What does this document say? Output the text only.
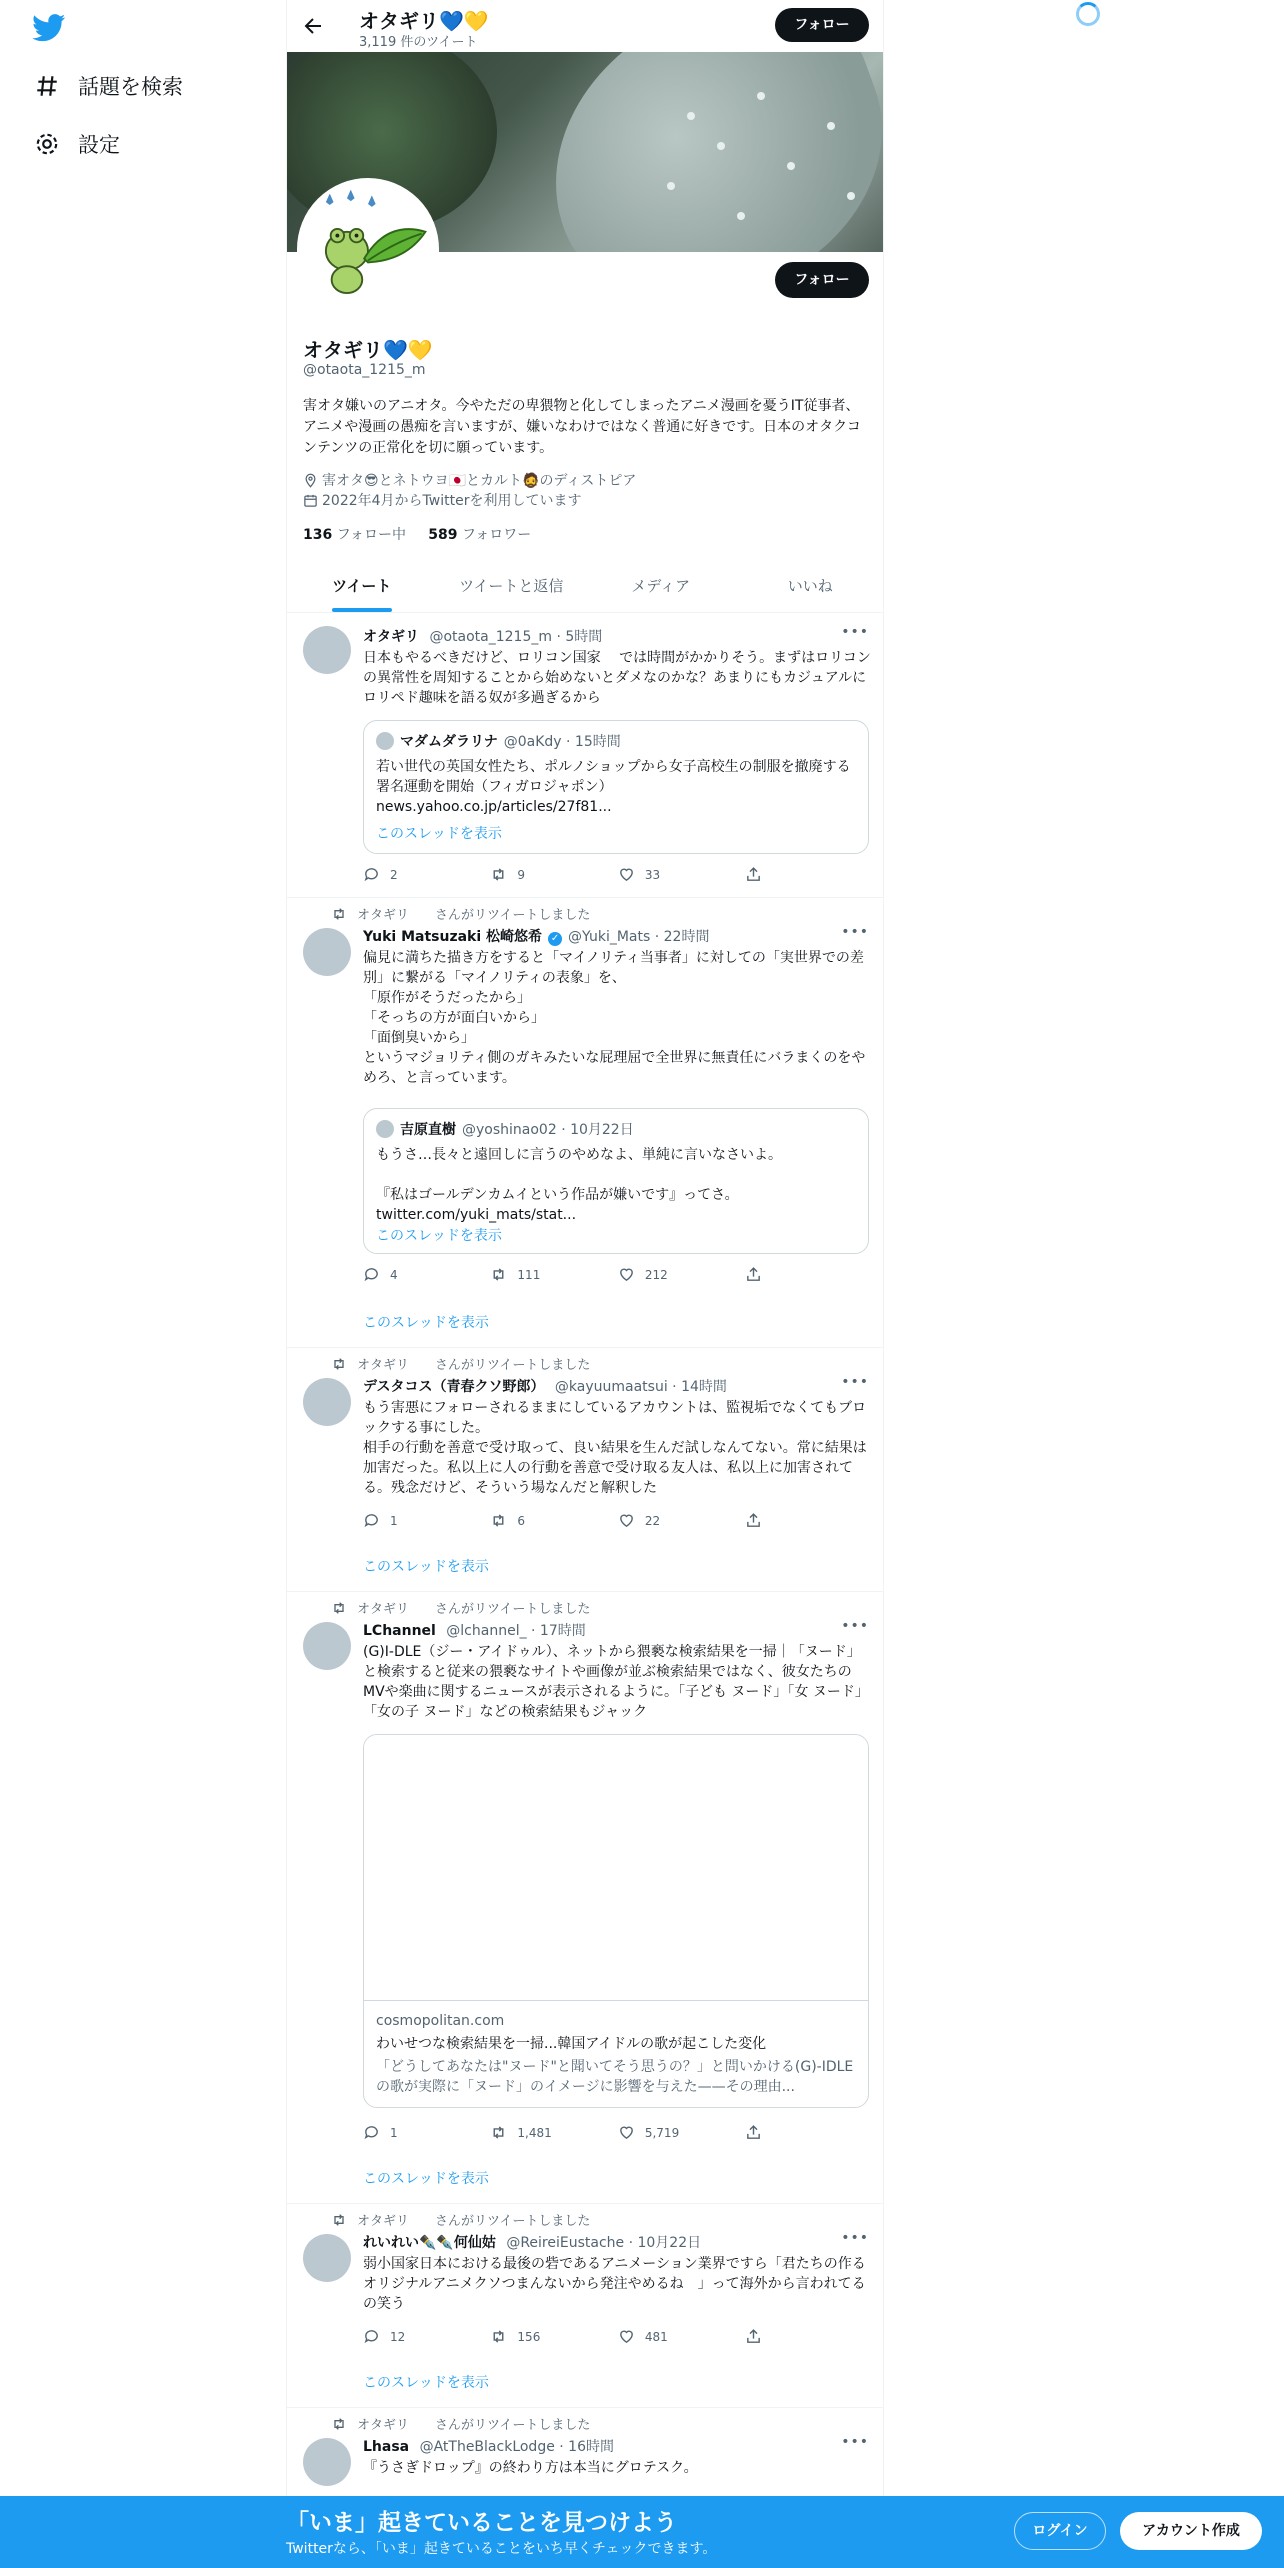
話題を検索
設定
オタギリ💙💛
3,119 件のツイート
フォロー
フォロー
オタギリ💙💛
@otaota_1215_m
害オタ嫌いのアニオタ。今やただの卑猥物と化してしまったアニメ漫画を憂うIT従事者、アニメや漫画の愚痴を言いますが、嫌いなわけではなく普通に好きです。日本のオタクコンテンツの正常化を切に願っています。
害オタ😎とネトウヨ🇯🇵とカルト🧔のディストピア
2022年4月からTwitterを利用しています
136 フォロー中 589 フォロワー
ツイート	ツイートと返信	メディア	いいね
オタギリ @otaota_1215_m · 5時間	•••
日本もやるべきだけど、ロリコン国家　 では時間がかかりそう。まずはロリコンの異常性を周知することから始めないとダメなのかな？あまりにもカジュアルにロリペド趣味を語る奴が多過ぎるから
マダムダラリナ @0aKdy · 15時間
若い世代の英国女性たち、ポルノショップから女子高校生の制服を撤廃する署名運動を開始（フィガロジャポン）
news.yahoo.co.jp/articles/27f81...
このスレッドを表示
2	9	33
オタギリ　　さんがリツイートしました
Yuki Matsuzaki 松崎悠希 ✓ @Yuki_Mats · 22時間	•••
偏見に満ちた描き方をすると「マイノリティ当事者」に対しての「実世界での差別」に繋がる「マイノリティの表象」を、
「原作がそうだったから」
「そっちの方が面白いから」
「面倒臭いから」
というマジョリティ側のガキみたいな屁理屈で全世界に無責任にバラまくのをやめろ、と言っています。
吉原直樹 @yoshinao02 · 10月22日
もうさ…長々と遠回しに言うのやめなよ、単純に言いなさいよ。

『私はゴールデンカムイという作品が嫌いです』ってさ。
twitter.com/yuki_mats/stat...
このスレッドを表示
4	111	212
このスレッドを表示
オタギリ　　さんがリツイートしました
デスタコス（青春クソ野郎） @kayuumaatsui · 14時間	•••
もう害悪にフォローされるままにしているアカウントは、監視垢でなくてもブロックする事にした。
相手の行動を善意で受け取って、良い結果を生んだ試しなんてない。常に結果は加害だった。私以上に人の行動を善意で受け取る友人は、私以上に加害されてる。残念だけど、そういう場なんだと解釈した
1	6	22
このスレッドを表示
オタギリ　　さんがリツイートしました
LChannel @lchannel_ · 17時間	•••
(G)I-DLE（ジー・アイドゥル）、ネットから猥褻な検索結果を一掃｜「ヌード」と検索すると従来の猥褻なサイトや画像が並ぶ検索結果ではなく、彼女たちのMVや楽曲に関するニュースが表示されるように。「子ども ヌード」「女 ヌード」「女の子 ヌード」などの検索結果もジャック
cosmopolitan.com
わいせつな検索結果を一掃...韓国アイドルの歌が起こした変化
「どうしてあなたは"ヌード"と聞いてそう思うの？」と問いかける(G)-IDLEの歌が実際に「ヌード」のイメージに影響を与えた——その理由...
1	1,481	5,719
このスレッドを表示
オタギリ　　さんがリツイートしました
れいれい✒️✒️何仙姑 @ReireiEustache · 10月22日	•••
弱小国家日本における最後の砦であるアニメーション業界ですら「君たちの作るオリジナルアニメクソつまんないから発注やめるね　」って海外から言われてるの笑う
12	156	481
このスレッドを表示
オタギリ　　さんがリツイートしました
Lhasa @AtTheBlackLodge · 16時間	•••
『うさぎドロップ』の終わり方は本当にグロテスク。
「いま」起きていることを見つけよう
Twitterなら、「いま」起きていることをいち早くチェックできます。
ログイン	アカウント作成
